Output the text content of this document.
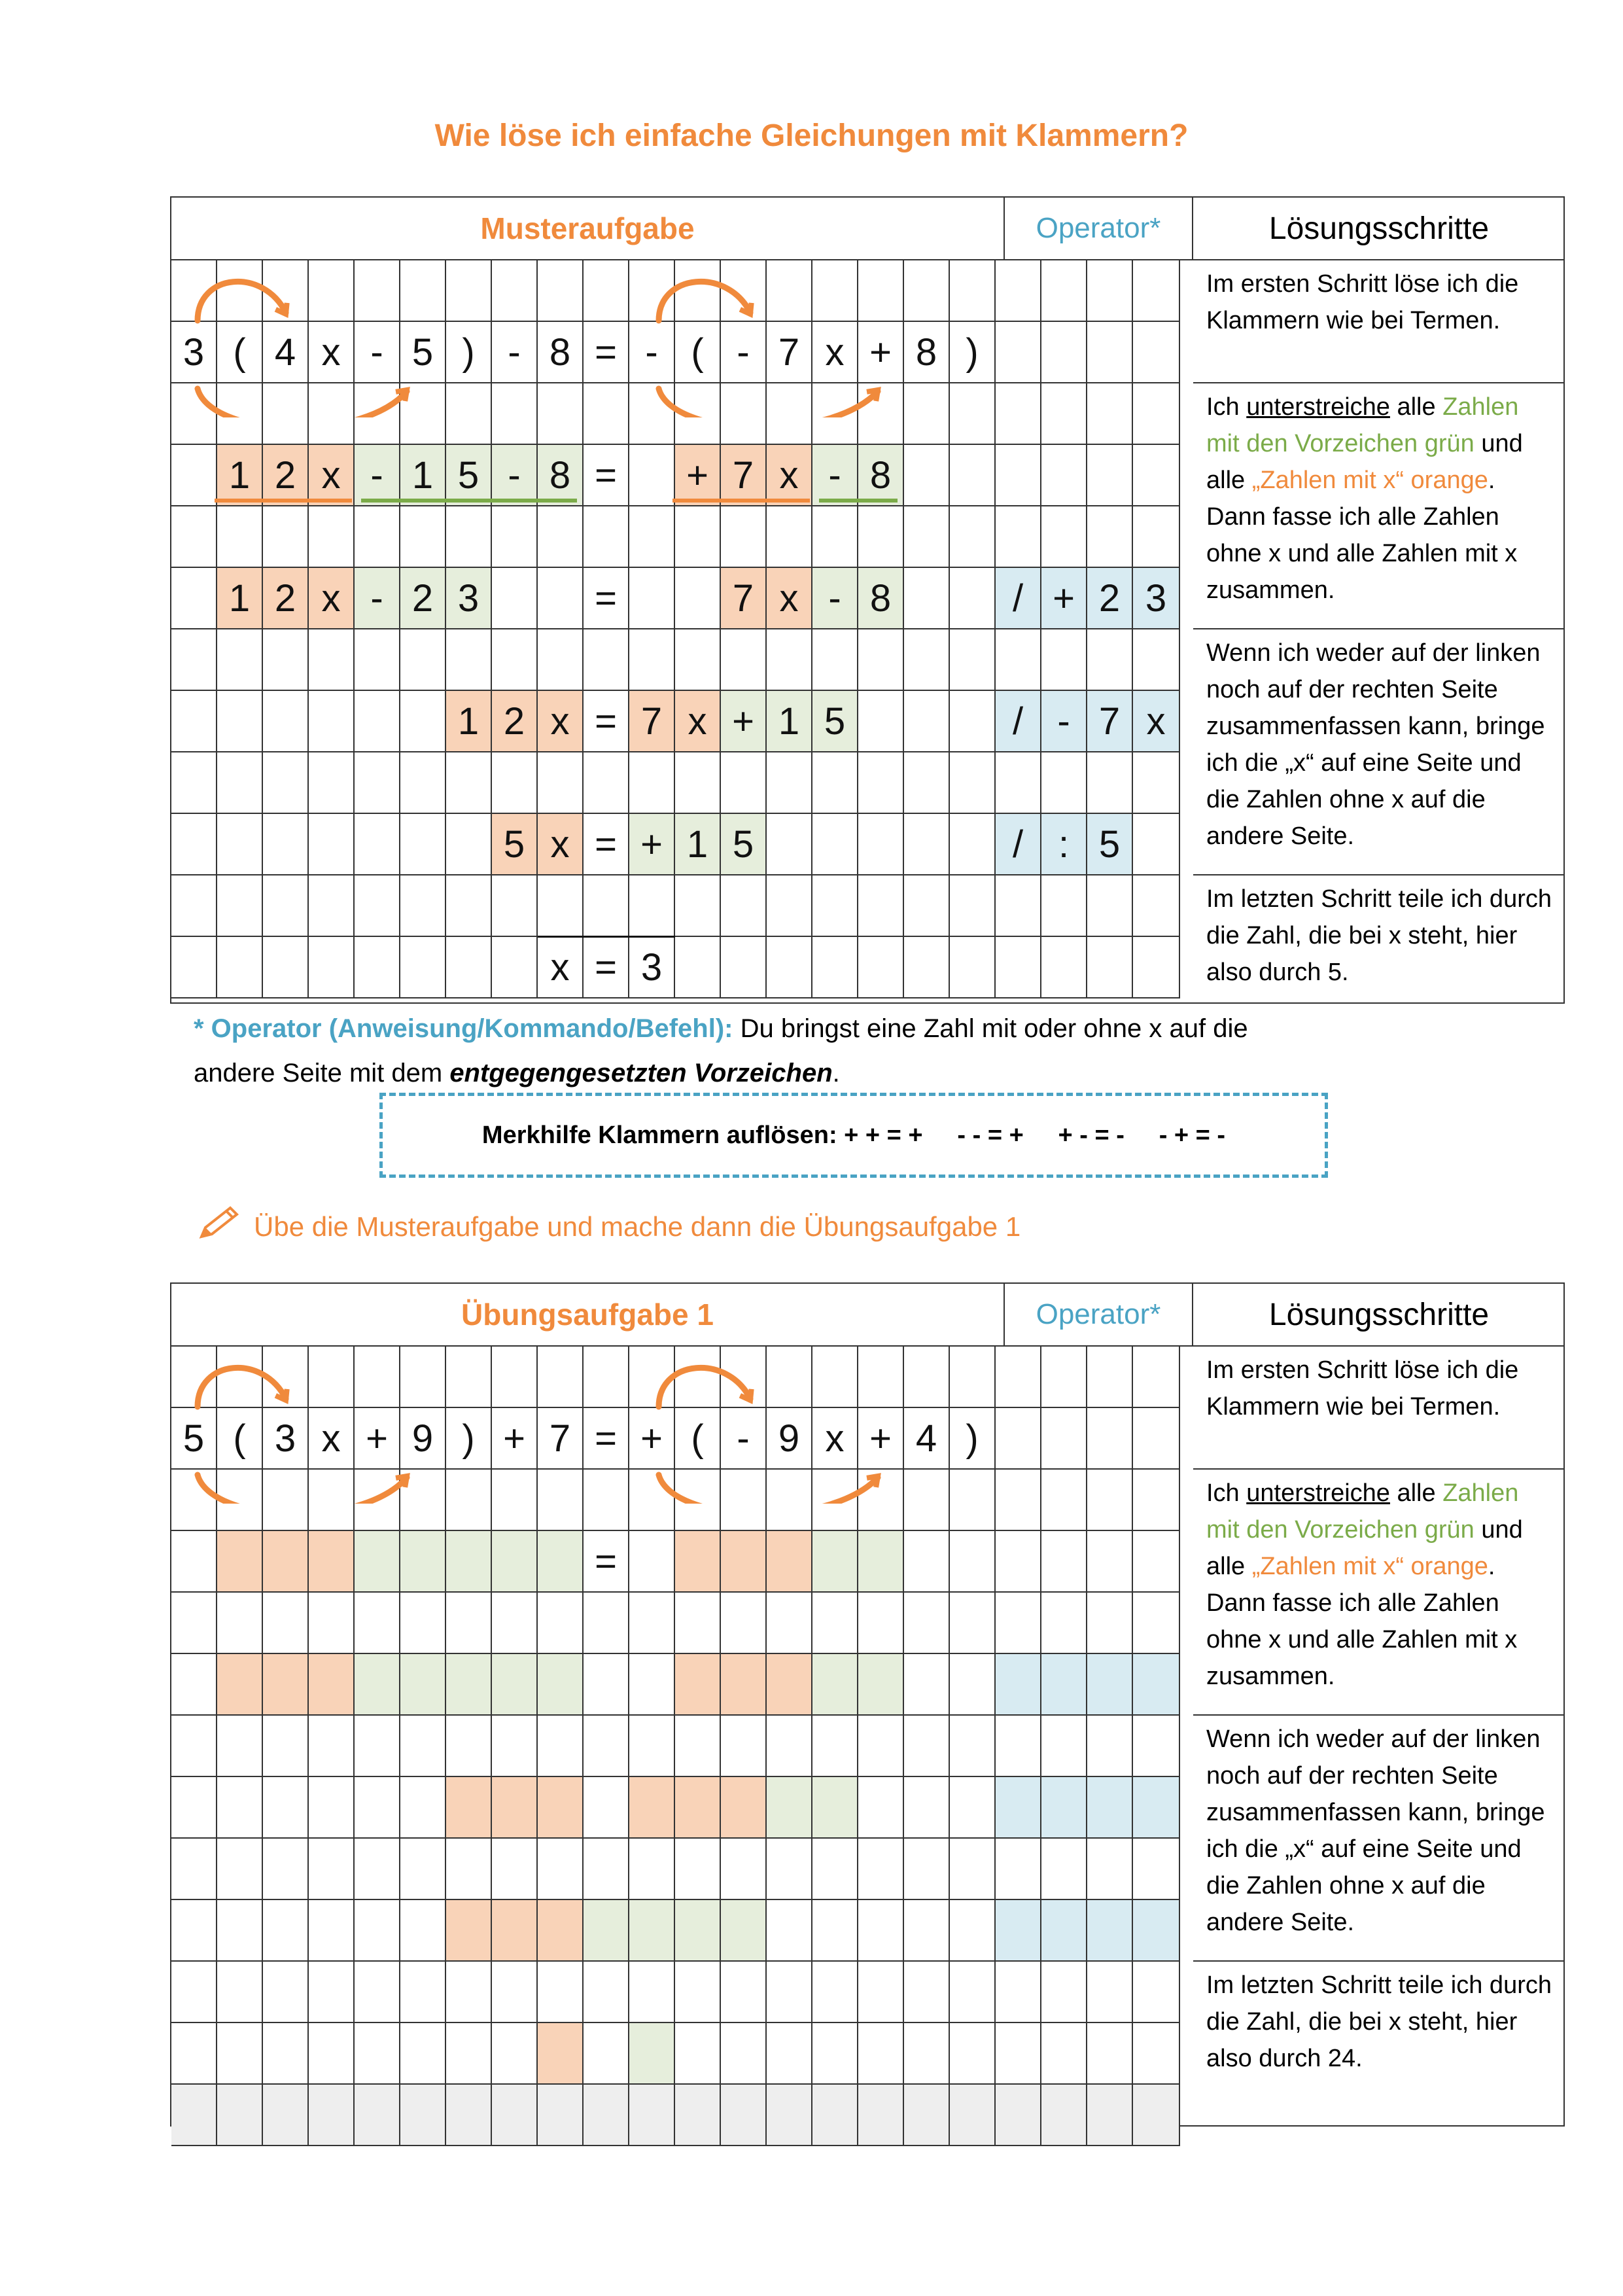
Wie löse ich einfache Gleichungen mit Klammern?
Musteraufgabe	Operator*	Lösungsschritte
3 ( 4 x - 5 ) - 8 = - ( - 7 x + 8 )
1 2 x - 1 5 - 8 =	+ 7 x - 8
1 2 x - 2 3	=	7 x - 8	/ + 2 3
1 2 x = 7 x + 1 5	/ - 7 x
5 x = + 1 5	/ : 5
x = 3
Im ersten Schritt löse ich die Klammern wie bei Termen.
Ich unterstreiche alle Zahlen mit den Vorzeichen grün und alle „Zahlen mit x“ orange. Dann fasse ich alle Zahlen ohne x und alle Zahlen mit x zusammen.
Wenn ich weder auf der linken noch auf der rechten Seite zusammenfassen kann, bringe ich die „x“ auf eine Seite und die Zahlen ohne x auf die andere Seite.
Im letzten Schritt teile ich durch die Zahl, die bei x steht, hier also durch 5.
* Operator (Anweisung/Kommando/Befehl): Du bringst eine Zahl mit oder ohne x auf die
andere Seite mit dem entgegengesetzten Vorzeichen.
Merkhilfe Klammern auflösen: + + = +     - - = +     + - = -     - + = -
Übe die Musteraufgabe und mache dann die Übungsaufgabe 1
Übungsaufgabe 1	Operator*	Lösungsschritte
5 ( 3 x + 9 ) + 7 = + ( - 9 x + 4 )
=
Im ersten Schritt löse ich die Klammern wie bei Termen.
Ich unterstreiche alle Zahlen mit den Vorzeichen grün und alle „Zahlen mit x“ orange. Dann fasse ich alle Zahlen ohne x und alle Zahlen mit x zusammen.
Wenn ich weder auf der linken noch auf der rechten Seite zusammenfassen kann, bringe ich die „x“ auf eine Seite und die Zahlen ohne x auf die andere Seite.
Im letzten Schritt teile ich durch die Zahl, die bei x steht, hier also durch 24.
